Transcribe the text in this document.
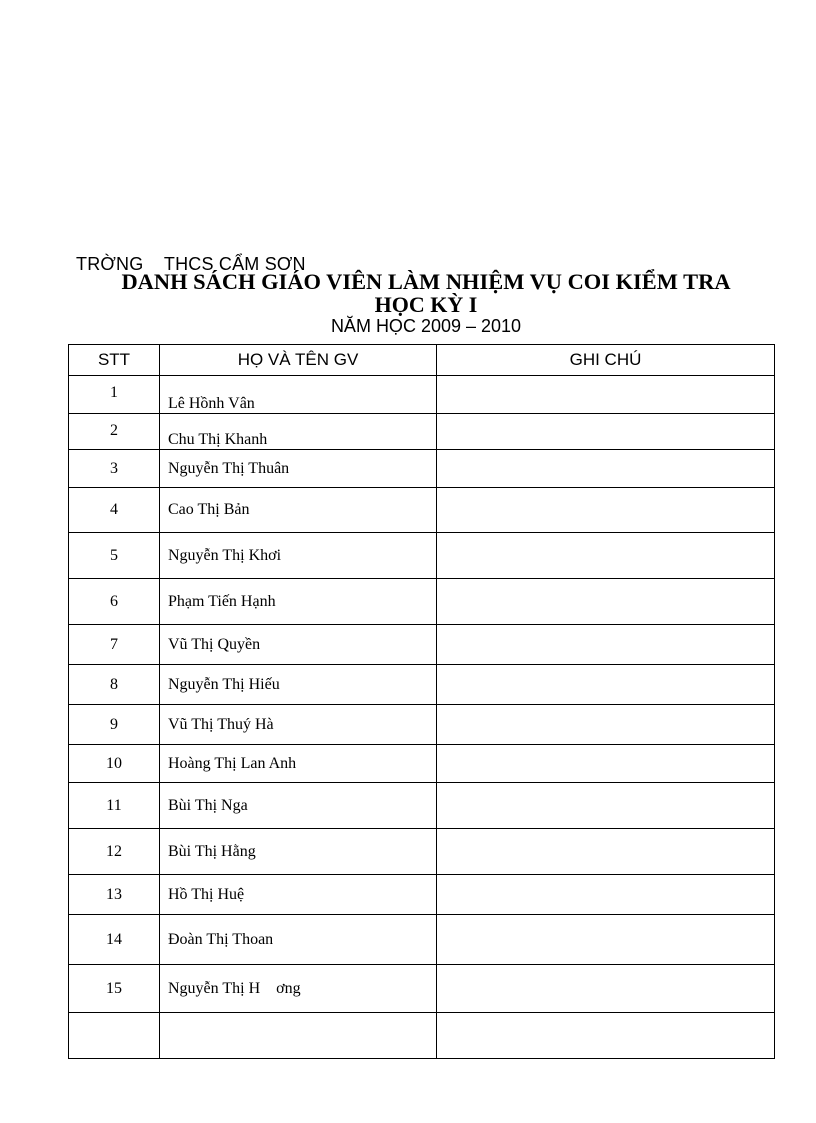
TRỜNG    THCS CẨM SƠN
DANH SÁCH GIÁO VIÊN LÀM NHIỆM VỤ COI KIỂM TRA
HỌC KỲ I
NĂM HỌC 2009 – 2010
STT	HỌ VÀ TÊN GV	GHI CHÚ
1	Lê Hồnh Vân	
2	Chu Thị Khanh	
3	Nguyễn Thị Thuân	
4	Cao Thị Bản	
5	Nguyễn Thị Khơi	
6	Phạm Tiến Hạnh	
7	Vũ Thị Quyền	
8	Nguyễn Thị Hiếu	
9	Vũ Thị Thuý Hà	
10	Hoàng Thị Lan Anh	
11	Bùi Thị Nga	
12	Bùi Thị Hằng	
13	Hồ Thị Huệ	
14	Đoàn Thị Thoan	
15	Nguyễn Thị H    ơng	
